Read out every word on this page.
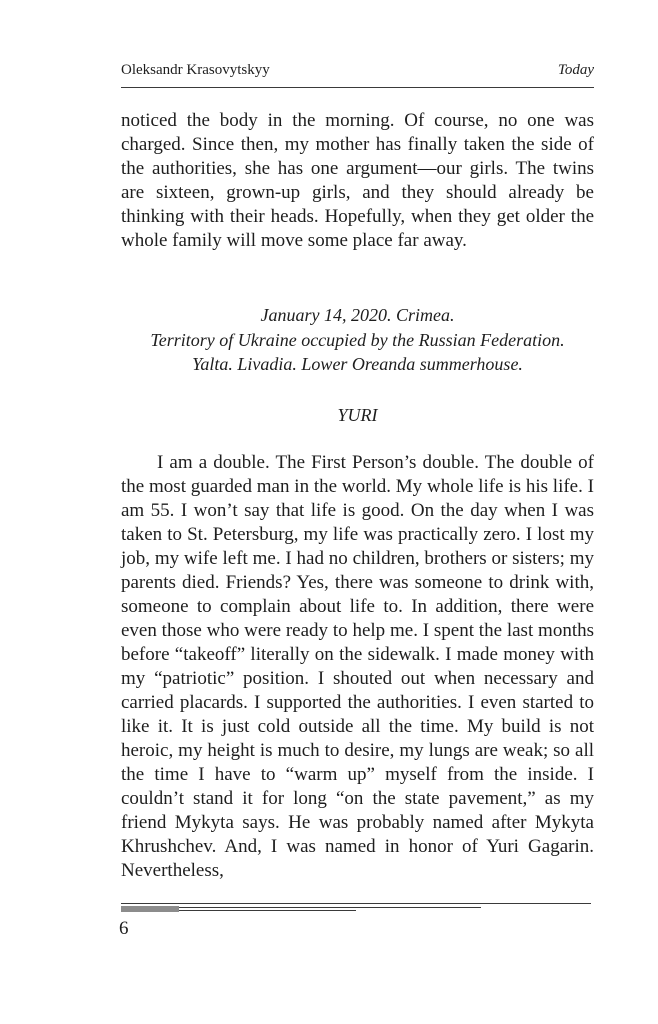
Oleksandr Krasovytskyy	Today

noticed the body in the morning. Of course, no one was charged. Since then, my mother has finally taken the side of the authorities, she has one argument—our girls. The twins are sixteen, grown-up girls, and they should already be thinking with their heads. Hopefully, when they get older the whole family will move some place far away.

January 14, 2020. Crimea.
Territory of Ukraine occupied by the Russian Federation.
Yalta. Livadia. Lower Oreanda summerhouse.
YURI

I am a double. The First Person’s double. The double of the most guarded man in the world. My whole life is his life. I am 55. I won’t say that life is good. On the day when I was taken to St. Petersburg, my life was practically zero. I lost my job, my wife left me. I had no children, brothers or sisters; my parents died. Friends? Yes, there was someone to drink with, someone to complain about life to. In addition, there were even those who were ready to help me. I spent the last months before “takeoff” literally on the sidewalk. I made money with my “patriotic” position. I shouted out when necessary and carried placards. I supported the authorities. I even started to like it. It is just cold outside all the time. My build is not heroic, my height is much to desire, my lungs are weak; so all the time I have to “warm up” myself from the inside. I couldn’t stand it for long “on the state pavement,” as my friend Mykyta says. He was probably named after Mykyta Khrushchev. And, I was named in honor of Yuri Gagarin. Nevertheless,

6
